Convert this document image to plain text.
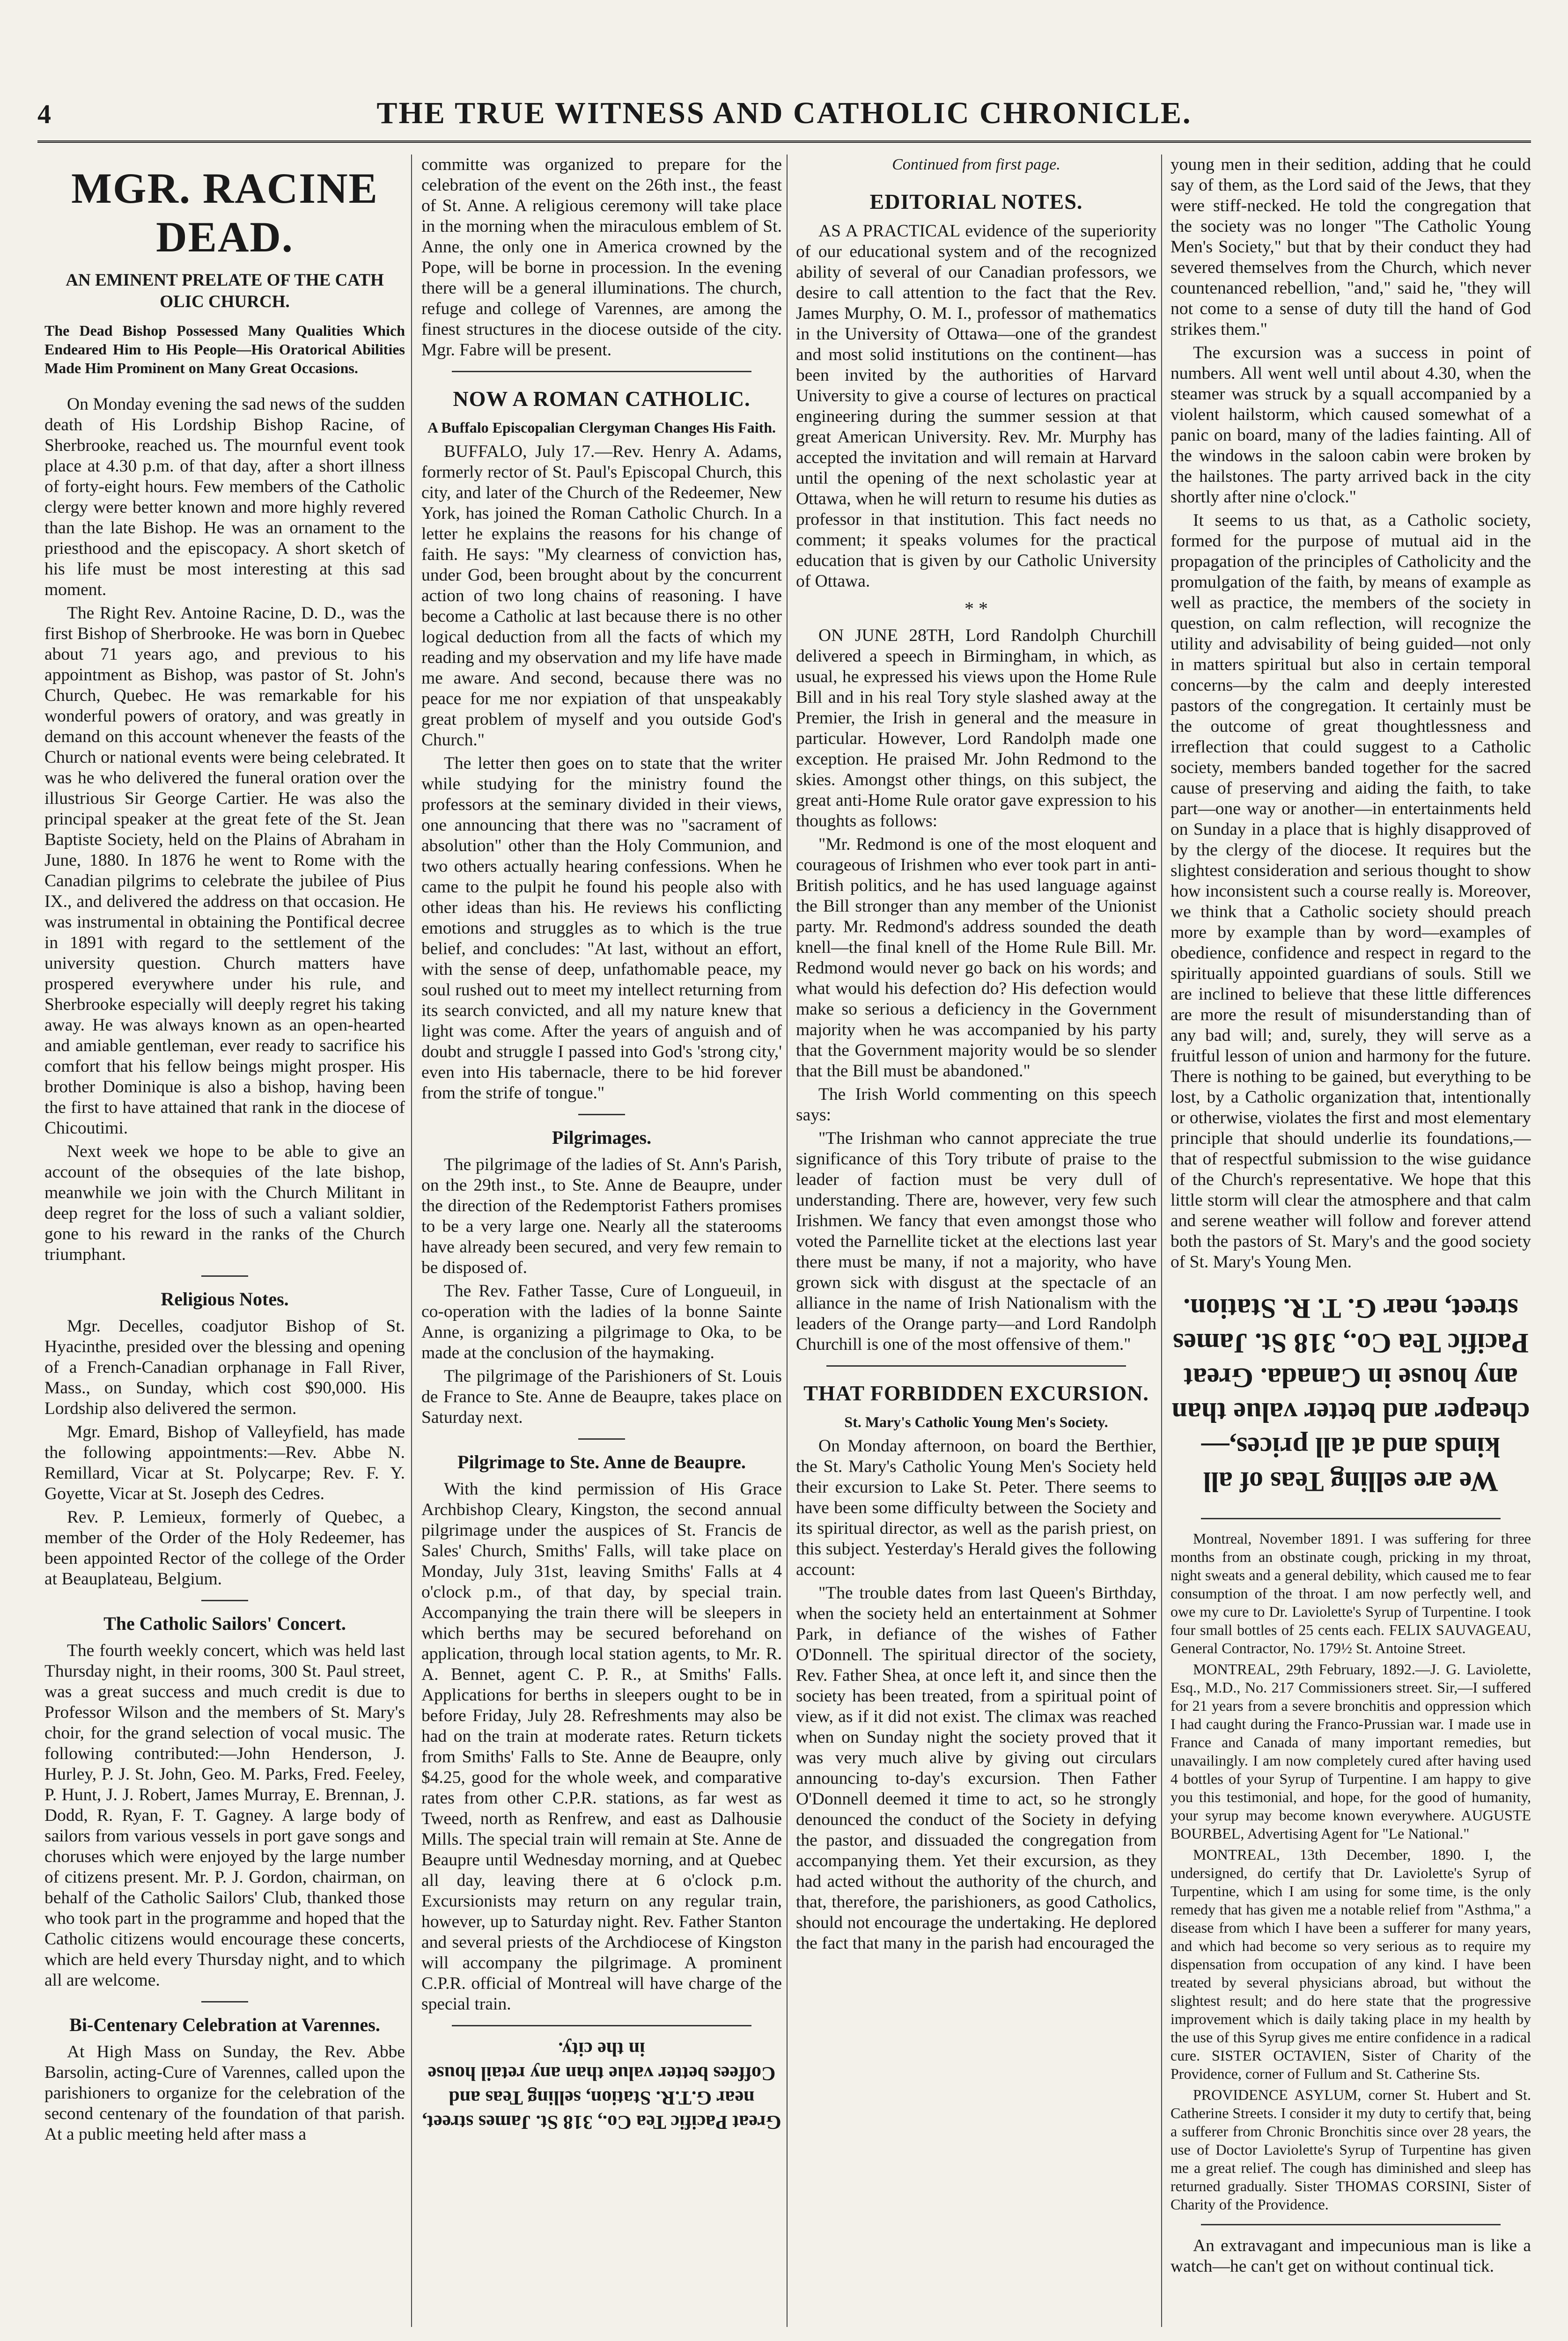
4	THE TRUE WITNESS AND CATHOLIC CHRONICLE.
MGR. RACINE DEAD.
AN EMINENT PRELATE OF THE CATH OLIC CHURCH.
The Dead Bishop Possessed Many Qualities Which Endeared Him to His People—His Oratorical Abilities Made Him Prominent on Many Great Occasions.

On Monday evening the sad news of the sudden death of His Lordship Bishop Racine, of Sherbrooke, reached us. The mournful event took place at 4.30 p.m. of that day, after a short illness of forty-eight hours. Few members of the Catholic clergy were better known and more highly revered than the late Bishop. He was an ornament to the priesthood and the episcopacy. A short sketch of his life must be most interesting at this sad moment.

The Right Rev. Antoine Racine, D. D., was the first Bishop of Sherbrooke. He was born in Quebec about 71 years ago, and previous to his appointment as Bishop, was pastor of St. John's Church, Quebec. He was remarkable for his wonderful powers of oratory, and was greatly in demand on this account whenever the feasts of the Church or national events were being celebrated. It was he who delivered the funeral oration over the illustrious Sir George Cartier. He was also the principal speaker at the great fete of the St. Jean Baptiste Society, held on the Plains of Abraham in June, 1880. In 1876 he went to Rome with the Canadian pilgrims to celebrate the jubilee of Pius IX., and delivered the address on that occasion. He was instrumental in obtaining the Pontifical decree in 1891 with regard to the settlement of the university question. Church matters have prospered everywhere under his rule, and Sherbrooke especially will deeply regret his taking away. He was always known as an open-hearted and amiable gentleman, ever ready to sacrifice his comfort that his fellow beings might prosper. His brother Dominique is also a bishop, having been the first to have attained that rank in the diocese of Chicoutimi.

Next week we hope to be able to give an account of the obsequies of the late bishop, meanwhile we join with the Church Militant in deep regret for the loss of such a valiant soldier, gone to his reward in the ranks of the Church triumphant.

Religious Notes.

Mgr. Decelles, coadjutor Bishop of St. Hyacinthe, presided over the blessing and opening of a French-Canadian orphanage in Fall River, Mass., on Sunday, which cost $90,000. His Lordship also delivered the sermon.

Mgr. Emard, Bishop of Valleyfield, has made the following appointments:—Rev. Abbe N. Remillard, Vicar at St. Polycarpe; Rev. F. Y. Goyette, Vicar at St. Joseph des Cedres.

Rev. P. Lemieux, formerly of Quebec, a member of the Order of the Holy Redeemer, has been appointed Rector of the college of the Order at Beauplateau, Belgium.

The Catholic Sailors' Concert.

The fourth weekly concert, which was held last Thursday night, in their rooms, 300 St. Paul street, was a great success and much credit is due to Professor Wilson and the members of St. Mary's choir, for the grand selection of vocal music. The following contributed:—John Henderson, J. Hurley, P. J. St. John, Geo. M. Parks, Fred. Feeley, P. Hunt, J. J. Robert, James Murray, E. Brennan, J. Dodd, R. Ryan, F. T. Gagney. A large body of sailors from various vessels in port gave songs and choruses which were enjoyed by the large number of citizens present. Mr. P. J. Gordon, chairman, on behalf of the Catholic Sailors' Club, thanked those who took part in the programme and hoped that the Catholic citizens would encourage these concerts, which are held every Thursday night, and to which all are welcome.

Bi-Centenary Celebration at Varennes.

At High Mass on Sunday, the Rev. Abbe Barsolin, acting-Cure of Varennes, called upon the parishioners to organize for the celebration of the second centenary of the foundation of that parish. At a public meeting held after mass a

committe was organized to prepare for the celebration of the event on the 26th inst., the feast of St. Anne. A religious ceremony will take place in the morning when the miraculous emblem of St. Anne, the only one in America crowned by the Pope, will be borne in procession. In the evening there will be a general illuminations. The church, refuge and college of Varennes, are among the finest structures in the diocese outside of the city. Mgr. Fabre will be present.

NOW A ROMAN CATHOLIC.
A Buffalo Episcopalian Clergyman Changes His Faith.

BUFFALO, July 17.—Rev. Henry A. Adams, formerly rector of St. Paul's Episcopal Church, this city, and later of the Church of the Redeemer, New York, has joined the Roman Catholic Church. In a letter he explains the reasons for his change of faith. He says: "My clearness of conviction has, under God, been brought about by the concurrent action of two long chains of reasoning. I have become a Catholic at last because there is no other logical deduction from all the facts of which my reading and my observation and my life have made me aware. And second, because there was no peace for me nor expiation of that unspeakably great problem of myself and you outside God's Church."

The letter then goes on to state that the writer while studying for the ministry found the professors at the seminary divided in their views, one announcing that there was no "sacrament of absolution" other than the Holy Communion, and two others actually hearing confessions. When he came to the pulpit he found his people also with other ideas than his. He reviews his conflicting emotions and struggles as to which is the true belief, and concludes: "At last, without an effort, with the sense of deep, unfathomable peace, my soul rushed out to meet my intellect returning from its search convicted, and all my nature knew that light was come. After the years of anguish and of doubt and struggle I passed into God's 'strong city,' even into His tabernacle, there to be hid forever from the strife of tongue."

Pilgrimages.

The pilgrimage of the ladies of St. Ann's Parish, on the 29th inst., to Ste. Anne de Beaupre, under the direction of the Redemptorist Fathers promises to be a very large one. Nearly all the staterooms have already been secured, and very few remain to be disposed of.

The Rev. Father Tasse, Cure of Longueuil, in co-operation with the ladies of la bonne Sainte Anne, is organizing a pilgrimage to Oka, to be made at the conclusion of the haymaking.

The pilgrimage of the Parishioners of St. Louis de France to Ste. Anne de Beaupre, takes place on Saturday next.

Pilgrimage to Ste. Anne de Beaupre.

With the kind permission of His Grace Archbishop Cleary, Kingston, the second annual pilgrimage under the auspices of St. Francis de Sales' Church, Smiths' Falls, will take place on Monday, July 31st, leaving Smiths' Falls at 4 o'clock p.m., of that day, by special train. Accompanying the train there will be sleepers in which berths may be secured beforehand on application, through local station agents, to Mr. R. A. Bennet, agent C. P. R., at Smiths' Falls. Applications for berths in sleepers ought to be in before Friday, July 28. Refreshments may also be had on the train at moderate rates. Return tickets from Smiths' Falls to Ste. Anne de Beaupre, only $4.25, good for the whole week, and comparative rates from other C.P.R. stations, as far west as Tweed, north as Renfrew, and east as Dalhousie Mills. The special train will remain at Ste. Anne de Beaupre until Wednesday morning, and at Quebec all day, leaving there at 6 o'clock p.m. Excursionists may return on any regular train, however, up to Saturday night. Rev. Father Stanton and several priests of the Archdiocese of Kingston will accompany the pilgrimage. A prominent C.P.R. official of Montreal will have charge of the special train.

Great Pacific Tea Co., 318 St. James street, near G.T.R. Station, selling Teas and Coffees better value than any retail house in the city.
Continued from first page.
EDITORIAL NOTES.

AS A PRACTICAL evidence of the superiority of our educational system and of the recognized ability of several of our Canadian professors, we desire to call attention to the fact that the Rev. James Murphy, O. M. I., professor of mathematics in the University of Ottawa—one of the grandest and most solid institutions on the continent—has been invited by the authorities of Harvard University to give a course of lectures on practical engineering during the summer session at that great American University. Rev. Mr. Murphy has accepted the invitation and will remain at Harvard until the opening of the next scholastic year at Ottawa, when he will return to resume his duties as professor in that institution. This fact needs no comment; it speaks volumes for the practical education that is given by our Catholic University of Ottawa.

* *

ON JUNE 28TH, Lord Randolph Churchill delivered a speech in Birmingham, in which, as usual, he expressed his views upon the Home Rule Bill and in his real Tory style slashed away at the Premier, the Irish in general and the measure in particular. However, Lord Randolph made one exception. He praised Mr. John Redmond to the skies. Amongst other things, on this subject, the great anti-Home Rule orator gave expression to his thoughts as follows:

"Mr. Redmond is one of the most eloquent and courageous of Irishmen who ever took part in anti-British politics, and he has used language against the Bill stronger than any member of the Unionist party. Mr. Redmond's address sounded the death knell—the final knell of the Home Rule Bill. Mr. Redmond would never go back on his words; and what would his defection do? His defection would make so serious a deficiency in the Government majority when he was accompanied by his party that the Government majority would be so slender that the Bill must be abandoned."

The Irish World commenting on this speech says:

"The Irishman who cannot appreciate the true significance of this Tory tribute of praise to the leader of faction must be very dull of understanding. There are, however, very few such Irishmen. We fancy that even amongst those who voted the Parnellite ticket at the elections last year there must be many, if not a majority, who have grown sick with disgust at the spectacle of an alliance in the name of Irish Nationalism with the leaders of the Orange party—and Lord Randolph Churchill is one of the most offensive of them."

THAT FORBIDDEN EXCURSION.
St. Mary's Catholic Young Men's Society.

On Monday afternoon, on board the Berthier, the St. Mary's Catholic Young Men's Society held their excursion to Lake St. Peter. There seems to have been some difficulty between the Society and its spiritual director, as well as the parish priest, on this subject. Yesterday's Herald gives the following account:

"The trouble dates from last Queen's Birthday, when the society held an entertainment at Sohmer Park, in defiance of the wishes of Father O'Donnell. The spiritual director of the society, Rev. Father Shea, at once left it, and since then the society has been treated, from a spiritual point of view, as if it did not exist. The climax was reached when on Sunday night the society proved that it was very much alive by giving out circulars announcing to-day's excursion. Then Father O'Donnell deemed it time to act, so he strongly denounced the conduct of the Society in defying the pastor, and dissuaded the congregation from accompanying them. Yet their excursion, as they had acted without the authority of the church, and that, therefore, the parishioners, as good Catholics, should not encourage the undertaking. He deplored the fact that many in the parish had encouraged the

young men in their sedition, adding that he could say of them, as the Lord said of the Jews, that they were stiff-necked. He told the congregation that the society was no longer "The Catholic Young Men's Society," but that by their conduct they had severed themselves from the Church, which never countenanced rebellion, "and," said he, "they will not come to a sense of duty till the hand of God strikes them."

The excursion was a success in point of numbers. All went well until about 4.30, when the steamer was struck by a squall accompanied by a violent hailstorm, which caused somewhat of a panic on board, many of the ladies fainting. All of the windows in the saloon cabin were broken by the hailstones. The party arrived back in the city shortly after nine o'clock."

It seems to us that, as a Catholic society, formed for the purpose of mutual aid in the propagation of the principles of Catholicity and the promulgation of the faith, by means of example as well as practice, the members of the society in question, on calm reflection, will recognize the utility and advisability of being guided—not only in matters spiritual but also in certain temporal concerns—by the calm and deeply interested pastors of the congregation. It certainly must be the outcome of great thoughtlessness and irreflection that could suggest to a Catholic society, members banded together for the sacred cause of preserving and aiding the faith, to take part—one way or another—in entertainments held on Sunday in a place that is highly disapproved of by the clergy of the diocese. It requires but the slightest consideration and serious thought to show how inconsistent such a course really is. Moreover, we think that a Catholic society should preach more by example than by word—examples of obedience, confidence and respect in regard to the spiritually appointed guardians of souls. Still we are inclined to believe that these little differences are more the result of misunderstanding than of any bad will; and, surely, they will serve as a fruitful lesson of union and harmony for the future. There is nothing to be gained, but everything to be lost, by a Catholic organization that, intentionally or otherwise, violates the first and most elementary principle that should underlie its foundations,—that of respectful submission to the wise guidance of the Church's representative. We hope that this little storm will clear the atmosphere and that calm and serene weather will follow and forever attend both the pastors of St. Mary's and the good society of St. Mary's Young Men.

We are selling Teas of all kinds and at all prices,—cheaper and better value than any house in Canada. Great Pacific Tea Co., 318 St. James street, near G. T. R. Station.

Montreal, November 1891. I was suffering for three months from an obstinate cough, pricking in my throat, night sweats and a general debility, which caused me to fear consumption of the throat. I am now perfectly well, and owe my cure to Dr. Laviolette's Syrup of Turpentine. I took four small bottles of 25 cents each. FELIX SAUVAGEAU, General Contractor, No. 179½ St. Antoine Street.

MONTREAL, 29th February, 1892.—J. G. Laviolette, Esq., M.D., No. 217 Commissioners street. Sir,—I suffered for 21 years from a severe bronchitis and oppression which I had caught during the Franco-Prussian war. I made use in France and Canada of many important remedies, but unavailingly. I am now completely cured after having used 4 bottles of your Syrup of Turpentine. I am happy to give you this testimonial, and hope, for the good of humanity, your syrup may become known everywhere. AUGUSTE BOURBEL, Advertising Agent for "Le National."

MONTREAL, 13th December, 1890. I, the undersigned, do certify that Dr. Laviolette's Syrup of Turpentine, which I am using for some time, is the only remedy that has given me a notable relief from "Asthma," a disease from which I have been a sufferer for many years, and which had become so very serious as to require my dispensation from occupation of any kind. I have been treated by several physicians abroad, but without the slightest result; and do here state that the progressive improvement which is daily taking place in my health by the use of this Syrup gives me entire confidence in a radical cure. SISTER OCTAVIEN, Sister of Charity of the Providence, corner of Fullum and St. Catherine Sts.

PROVIDENCE ASYLUM, corner St. Hubert and St. Catherine Streets. I consider it my duty to certify that, being a sufferer from Chronic Bronchitis since over 28 years, the use of Doctor Laviolette's Syrup of Turpentine has given me a great relief. The cough has diminished and sleep has returned gradually. Sister THOMAS CORSINI, Sister of Charity of the Providence.

An extravagant and impecunious man is like a watch—he can't get on without continual tick.
